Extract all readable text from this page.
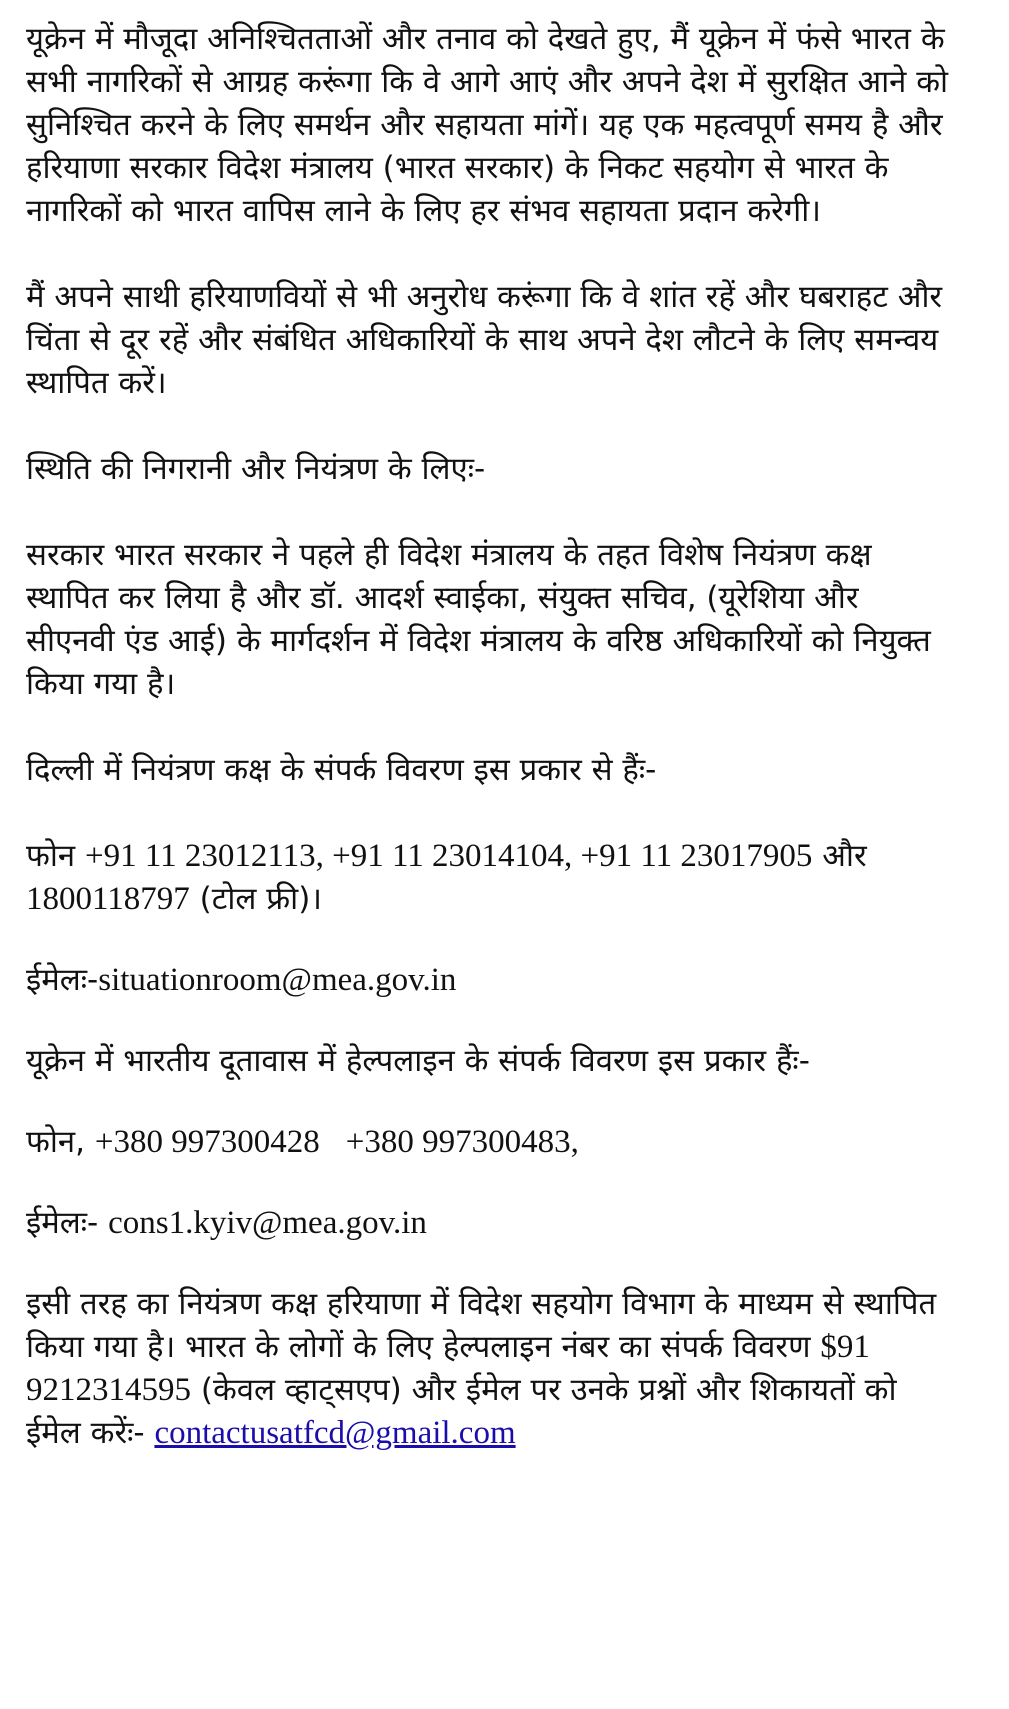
यूक्रेन में मौजूदा अनिश्चितताओं और तनाव को देखते हुए, मैं यूक्रेन में फंसे भारत के सभी नागरिकों से आग्रह करूंगा कि वे आगे आएं और अपने देश में सुरक्षित आने को सुनिश्चित करने के लिए समर्थन और सहायता मांगें। यह एक महत्वपूर्ण समय है और हरियाणा सरकार विदेश मंत्रालय (भारत सरकार) के निकट सहयोग से भारत के नागरिकों को भारत वापिस लाने के लिए हर संभव सहायता प्रदान करेगी।

मैं अपने साथी हरियाणवियों से भी अनुरोध करूंगा कि वे शांत रहें और घबराहट और चिंता से दूर रहें और संबंधित अधिकारियों के साथ अपने देश लौटने के लिए समन्वय स्थापित करें।

स्थिति की निगरानी और नियंत्रण के लिएः-

सरकार भारत सरकार ने पहले ही विदेश मंत्रालय के तहत विशेष नियंत्रण कक्ष स्थापित कर लिया है और डॉ. आदर्श स्वाईका, संयुक्त सचिव, (यूरेशिया और सीएनवी एंड आई) के मार्गदर्शन में विदेश मंत्रालय के वरिष्ठ अधिकारियों को नियुक्त किया गया है।

दिल्ली में नियंत्रण कक्ष के संपर्क विवरण इस प्रकार से हैंः-

फोन +91 11 23012113, +91 11 23014104, +91 11 23017905 और 1800118797 (टोल फ्री)।

ईमेलः-situationroom@mea.gov.in

यूक्रेन में भारतीय दूतावास में हेल्पलाइन के संपर्क विवरण इस प्रकार हैंः-

फोन, +380 997300428 +380 997300483,

ईमेलः- cons1.kyiv@mea.gov.in

इसी तरह का नियंत्रण कक्ष हरियाणा में विदेश सहयोग विभाग के माध्यम से स्थापित किया गया है। भारत के लोगों के लिए हेल्पलाइन नंबर का संपर्क विवरण $91 9212314595 (केवल व्हाट्सएप) और ईमेल पर उनके प्रश्नों और शिकायतों को ईमेल करेंः- contactusatfcd@gmail.com
